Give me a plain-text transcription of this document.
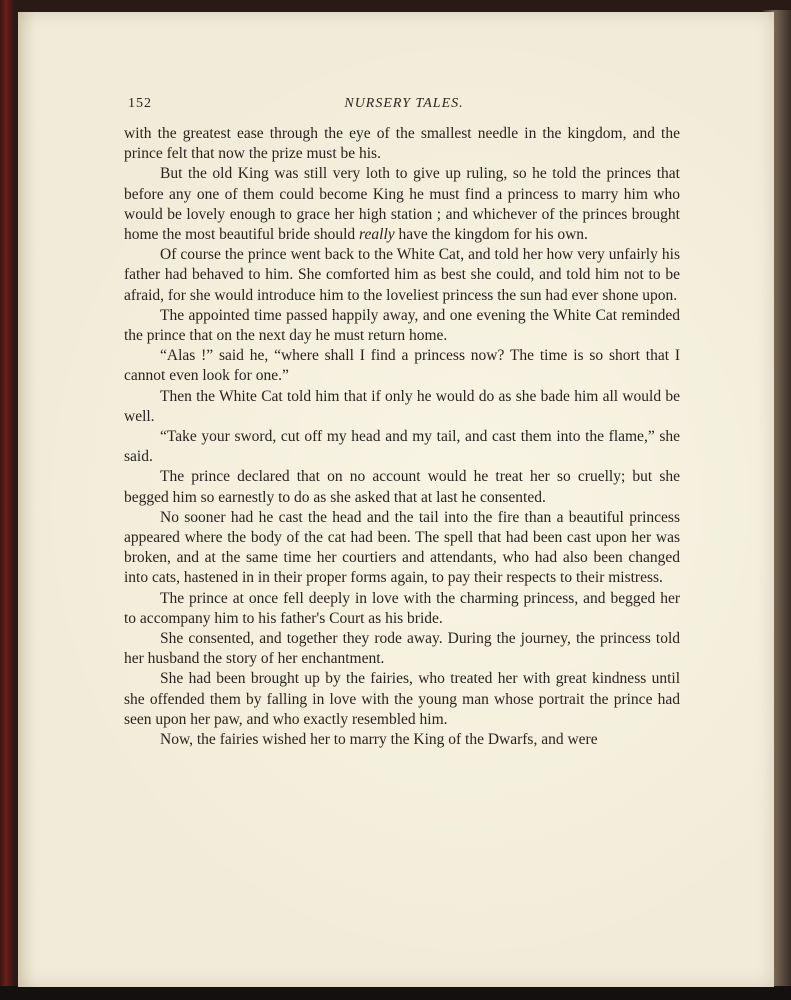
152	NURSERY TALES.

with the greatest ease through the eye of the smallest needle in the kingdom, and the prince felt that now the prize must be his.

But the old King was still very loth to give up ruling, so he told the princes that before any one of them could become King he must find a princess to marry him who would be lovely enough to grace her high station ; and whichever of the princes brought home the most beautiful bride should really have the kingdom for his own.

Of course the prince went back to the White Cat, and told her how very unfairly his father had behaved to him. She comforted him as best she could, and told him not to be afraid, for she would introduce him to the loveliest princess the sun had ever shone upon.

The appointed time passed happily away, and one evening the White Cat reminded the prince that on the next day he must return home.

“Alas !” said he, “where shall I find a princess now? The time is so short that I cannot even look for one.”

Then the White Cat told him that if only he would do as she bade him all would be well.

“Take your sword, cut off my head and my tail, and cast them into the flame,” she said.

The prince declared that on no account would he treat her so cruelly; but she begged him so earnestly to do as she asked that at last he consented.

No sooner had he cast the head and the tail into the fire than a beautiful princess appeared where the body of the cat had been. The spell that had been cast upon her was broken, and at the same time her courtiers and attendants, who had also been changed into cats, hastened in in their proper forms again, to pay their respects to their mistress.

The prince at once fell deeply in love with the charming princess, and begged her to accompany him to his father's Court as his bride.

She consented, and together they rode away. During the journey, the princess told her husband the story of her enchantment.

She had been brought up by the fairies, who treated her with great kindness until she offended them by falling in love with the young man whose portrait the prince had seen upon her paw, and who exactly resembled him.

Now, the fairies wished her to marry the King of the Dwarfs, and were
